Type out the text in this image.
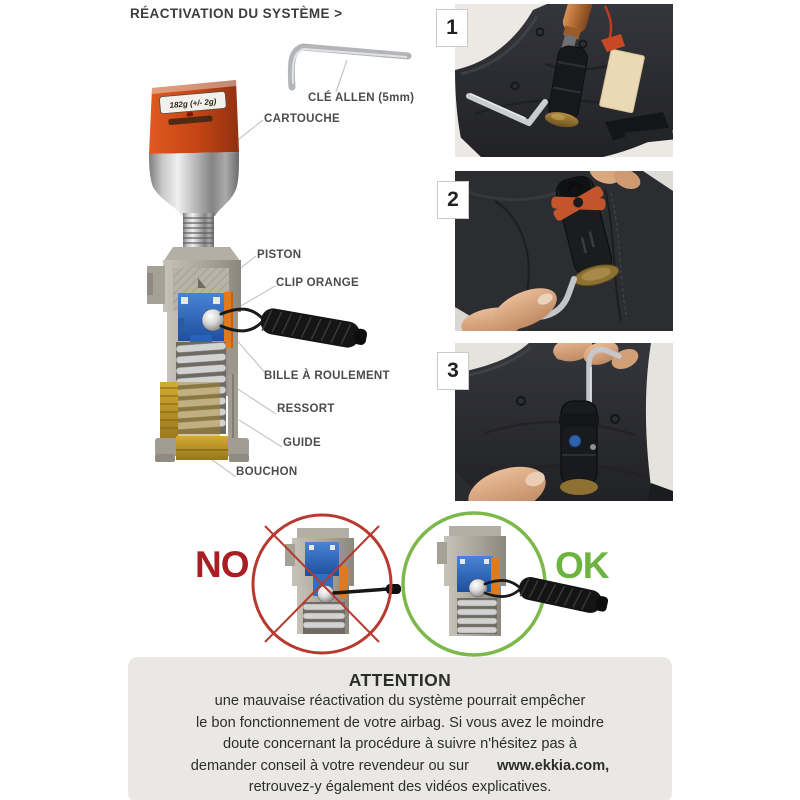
RÉACTIVATION DU SYSTÈME >
182g (+/- 2g)	CLÉ ALLEN (5mm)
CARTOUCHE
PISTON
CLIP ORANGE
BILLE À ROULEMENT
RESSORT
GUIDE
BOUCHON
1
2
3
NO	OK
ATTENTION
une mauvaise réactivation du système pourrait empêcher
le bon fonctionnement de votre airbag. Si vous avez le moindre
doute concernant la procédure à suivre n'hésitez pas à
demander conseil à votre revendeur ou sur www.ekkia.com,
retrouvez-y également des vidéos explicatives.
